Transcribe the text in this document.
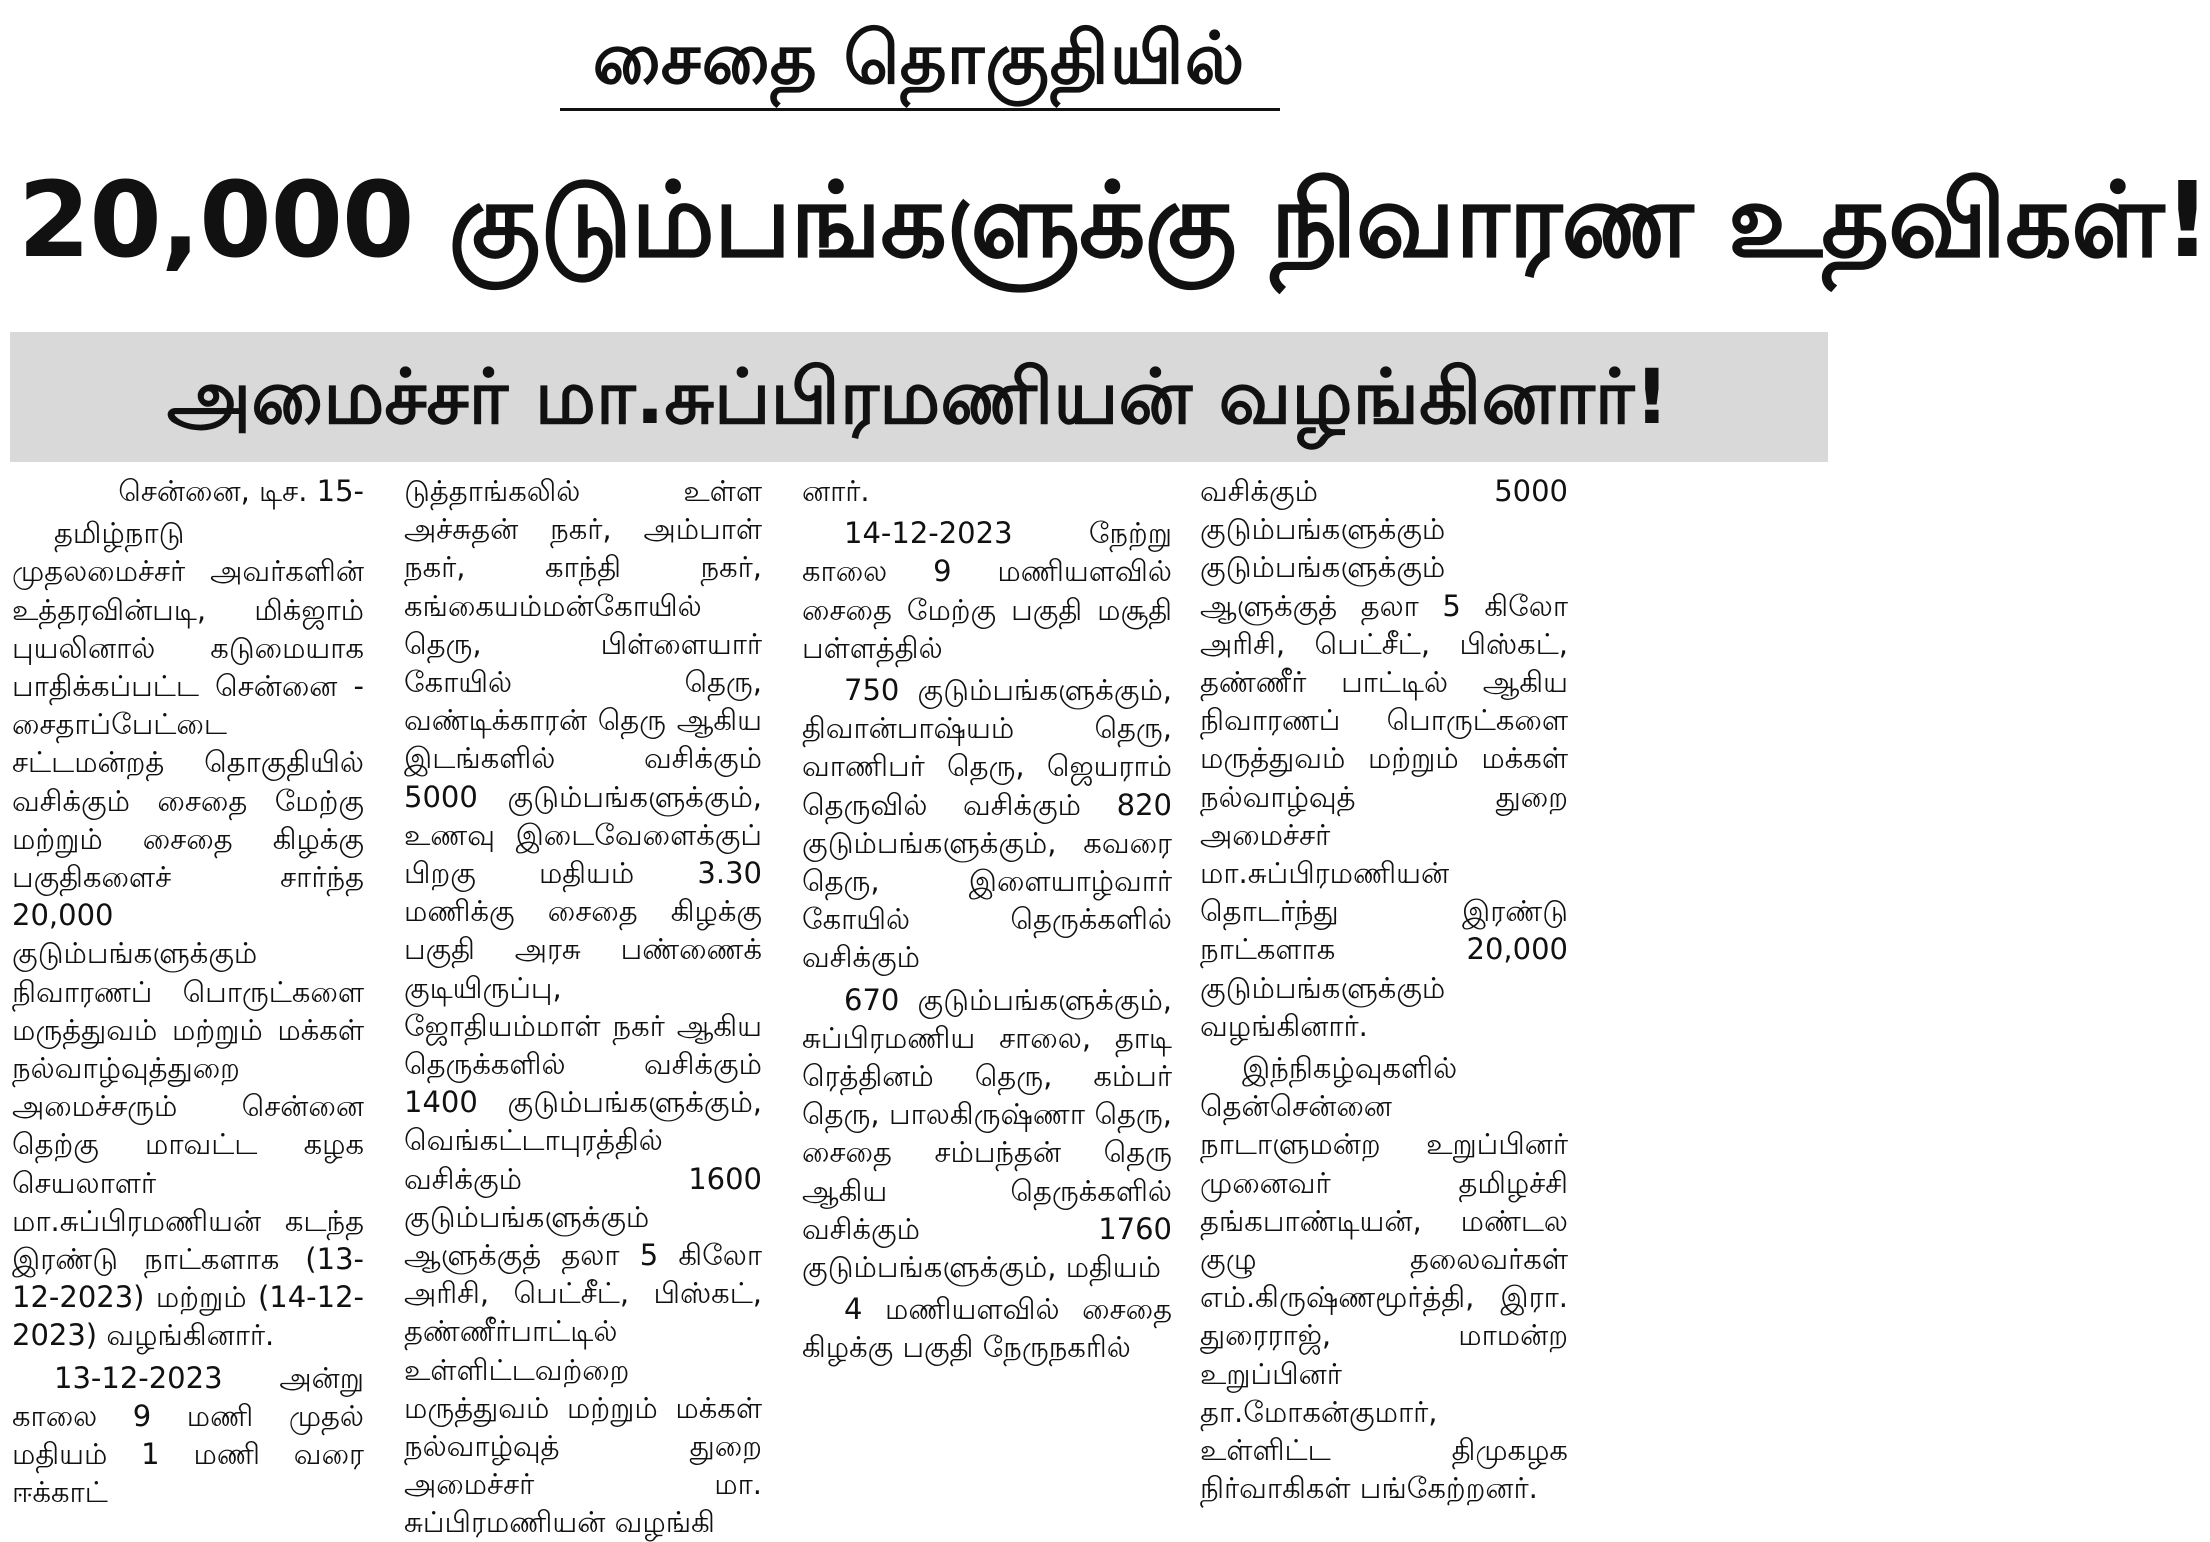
சைதை தொகுதியில்
20,000 குடும்பங்களுக்கு நிவாரண உதவிகள்!
அமைச்சர் மா.சுப்பிரமணியன் வழங்கினார்!

சென்னை, டிச. 15-

தமிழ்நாடு முதலமைச்சர் அவர்களின் உத்தரவின்படி, மிக்ஜாம் புயலினால் கடுமையாக பாதிக்கப்பட்ட சென்னை - சைதாப்பேட்டை சட்டமன்றத் தொகுதியில் வசிக்கும் சைதை மேற்கு மற்றும் சைதை கிழக்கு பகுதிகளைச் சார்ந்த 20,000 குடும்பங்களுக்கும் நிவாரணப் பொருட்களை மருத்துவம் மற்றும் மக்கள் நல்வாழ்வுத்துறை அமைச்சரும் சென்னை தெற்கு மாவட்ட கழக செயலாளர் மா.சுப்பிரமணியன் கடந்த இரண்டு நாட்களாக (13-12-2023) மற்றும் (14-12-2023) வழங்கினார்.

13-12-2023 அன்று காலை 9 மணி முதல் மதியம் 1 மணி வரை ஈக்காட்

டுத்தாங்கலில் உள்ள அச்சுதன் நகர், அம்பாள் நகர், காந்தி நகர், கங்கையம்மன்கோயில் தெரு, பிள்ளையார் கோயில் தெரு, வண்டிக்காரன் தெரு ஆகிய இடங்களில் வசிக்கும் 5000 குடும்பங்களுக்கும், உணவு இடைவேளைக்குப் பிறகு மதியம் 3.30 மணிக்கு சைதை கிழக்கு பகுதி அரசு பண்ணைக் குடியிருப்பு, ஜோதியம்மாள் நகர் ஆகிய தெருக்களில் வசிக்கும் 1400 குடும்பங்களுக்கும், வெங்கட்டாபுரத்தில் வசிக்கும் 1600 குடும்பங்களுக்கும் ஆளுக்குத் தலா 5 கிலோ அரிசி, பெட்சீட், பிஸ்கட், தண்ணீர்பாட்டில் உள்ளிட்டவற்றை மருத்துவம் மற்றும் மக்கள் நல்வாழ்வுத் துறை அமைச்சர் மா. சுப்பிரமணியன் வழங்கி

னார்.

14-12-2023 நேற்று காலை 9 மணியளவில் சைதை மேற்கு பகுதி மசூதி பள்ளத்தில்

750 குடும்பங்களுக்கும், திவான்பாஷ்யம் தெரு, வாணிபர் தெரு, ஜெயராம் தெருவில் வசிக்கும் 820 குடும்பங்களுக்கும், கவரை தெரு, இளையாழ்வார் கோயில் தெருக்களில் வசிக்கும்

670 குடும்பங்களுக்கும், சுப்பிரமணிய சாலை, தாடி ரெத்தினம் தெரு, கம்பர் தெரு, பாலகிருஷ்ணா தெரு, சைதை சம்பந்தன் தெரு ஆகிய தெருக்களில் வசிக்கும் 1760 குடும்பங்களுக்கும், மதியம்

4 மணியளவில் சைதை கிழக்கு பகுதி நேருநகரில்

வசிக்கும் 5000 குடும்பங்களுக்கும் குடும்பங்களுக்கும் ஆளுக்குத் தலா 5 கிலோ அரிசி, பெட்சீட், பிஸ்கட், தண்ணீர் பாட்டில் ஆகிய நிவாரணப் பொருட்களை மருத்துவம் மற்றும் மக்கள் நல்வாழ்வுத் துறை அமைச்சர் மா.சுப்பிரமணியன் தொடர்ந்து இரண்டு நாட்களாக 20,000 குடும்பங்களுக்கும் வழங்கினார்.

இந்நிகழ்வுகளில் தென்சென்னை நாடாளுமன்ற உறுப்பினர் முனைவர் தமிழச்சி தங்கபாண்டியன், மண்டல குழு தலைவர்கள் எம்.கிருஷ்ணமூர்த்தி, இரா. துரைராஜ், மாமன்ற உறுப்பினர் தா.மோகன்குமார், உள்ளிட்ட திமுகழக நிர்வாகிகள் பங்கேற்றனர்.
